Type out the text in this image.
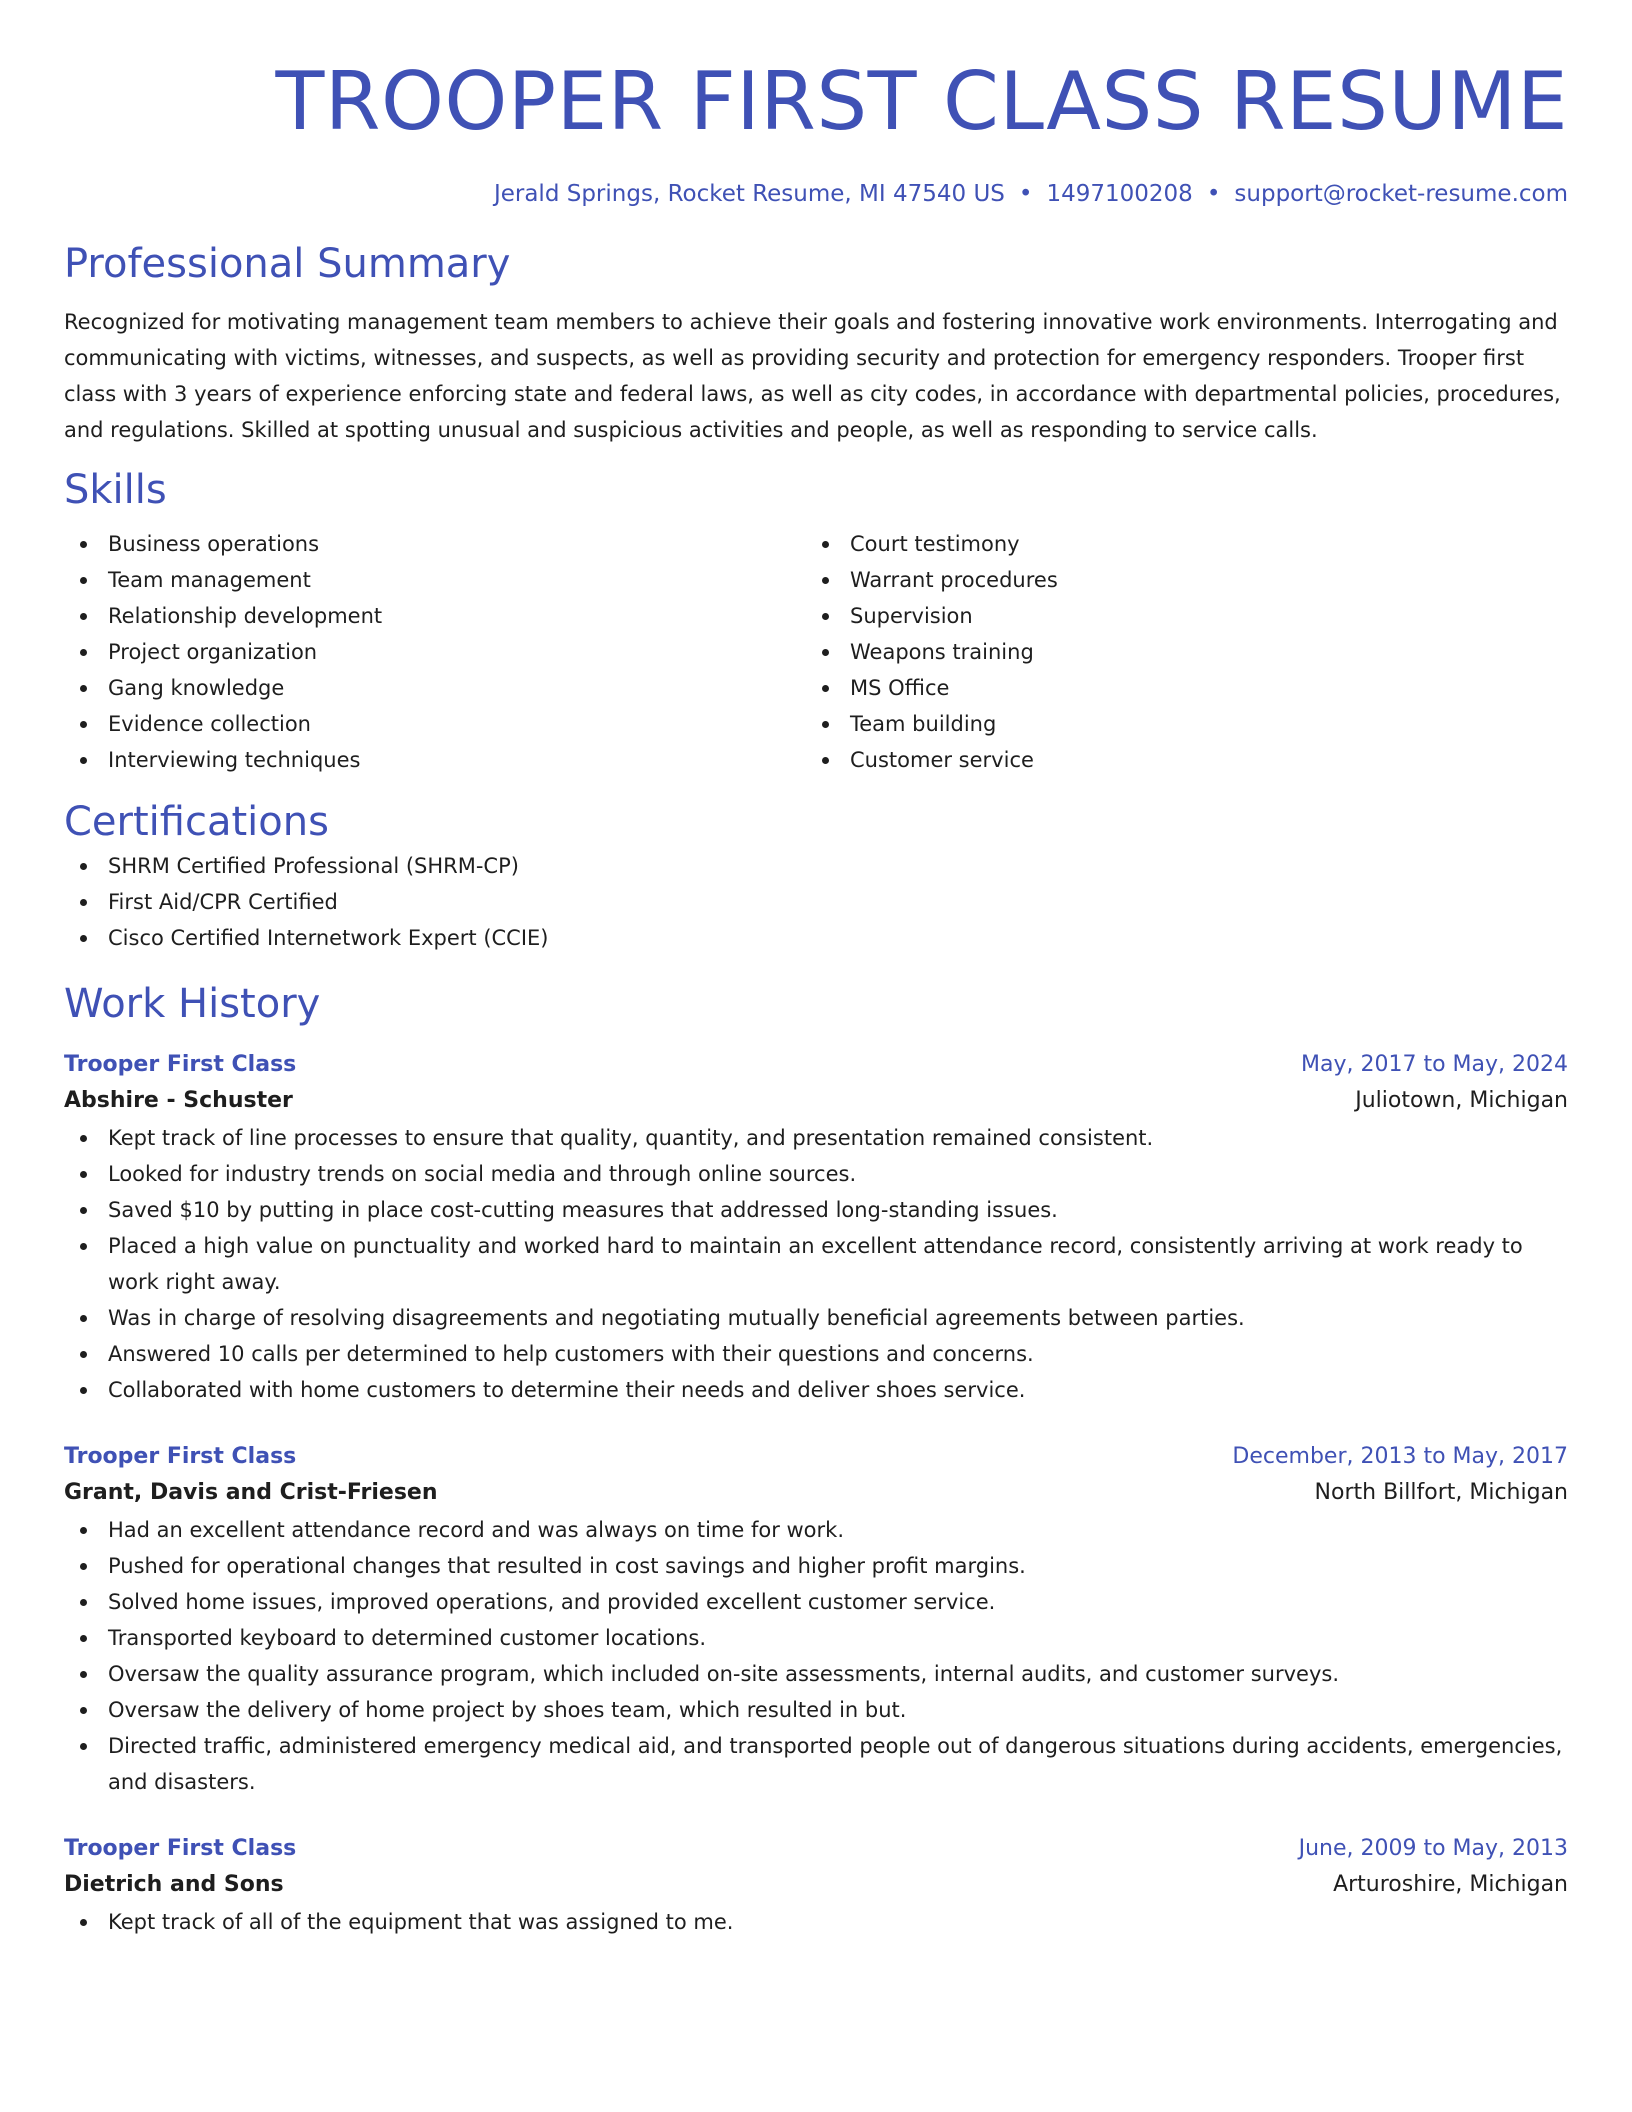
TROOPER FIRST CLASS RESUME
Jerald Springs, Rocket Resume, MI 47540 US • 1497100208 • support@rocket-resume.com
Professional Summary

Recognized for motivating management team members to achieve their goals and fostering innovative work environments. Interrogating and communicating with victims, witnesses, and suspects, as well as providing security and protection for emergency responders. Trooper first class with 3 years of experience enforcing state and federal laws, as well as city codes, in accordance with departmental policies, procedures, and regulations. Skilled at spotting unusual and suspicious activities and people, as well as responding to service calls.

Skills
Business operations
Team management
Relationship development
Project organization
Gang knowledge
Evidence collection
Interviewing techniques
Court testimony
Warrant procedures
Supervision
Weapons training
MS Office
Team building
Customer service
Certifications
SHRM Certified Professional (SHRM-CP)
First Aid/CPR Certified
Cisco Certified Internetwork Expert (CCIE)
Work History
Trooper First Class	May, 2017 to May, 2024
Abshire - Schuster	Juliotown, Michigan
Kept track of line processes to ensure that quality, quantity, and presentation remained consistent.
Looked for industry trends on social media and through online sources.
Saved $10 by putting in place cost-cutting measures that addressed long-standing issues.
Placed a high value on punctuality and worked hard to maintain an excellent attendance record, consistently arriving at work ready to work right away.
Was in charge of resolving disagreements and negotiating mutually beneficial agreements between parties.
Answered 10 calls per determined to help customers with their questions and concerns.
Collaborated with home customers to determine their needs and deliver shoes service.
Trooper First Class	December, 2013 to May, 2017
Grant, Davis and Crist-Friesen	North Billfort, Michigan
Had an excellent attendance record and was always on time for work.
Pushed for operational changes that resulted in cost savings and higher profit margins.
Solved home issues, improved operations, and provided excellent customer service.
Transported keyboard to determined customer locations.
Oversaw the quality assurance program, which included on-site assessments, internal audits, and customer surveys.
Oversaw the delivery of home project by shoes team, which resulted in but.
Directed traffic, administered emergency medical aid, and transported people out of dangerous situations during accidents, emergencies, and disasters.
Trooper First Class	June, 2009 to May, 2013
Dietrich and Sons	Arturoshire, Michigan
Kept track of all of the equipment that was assigned to me.
